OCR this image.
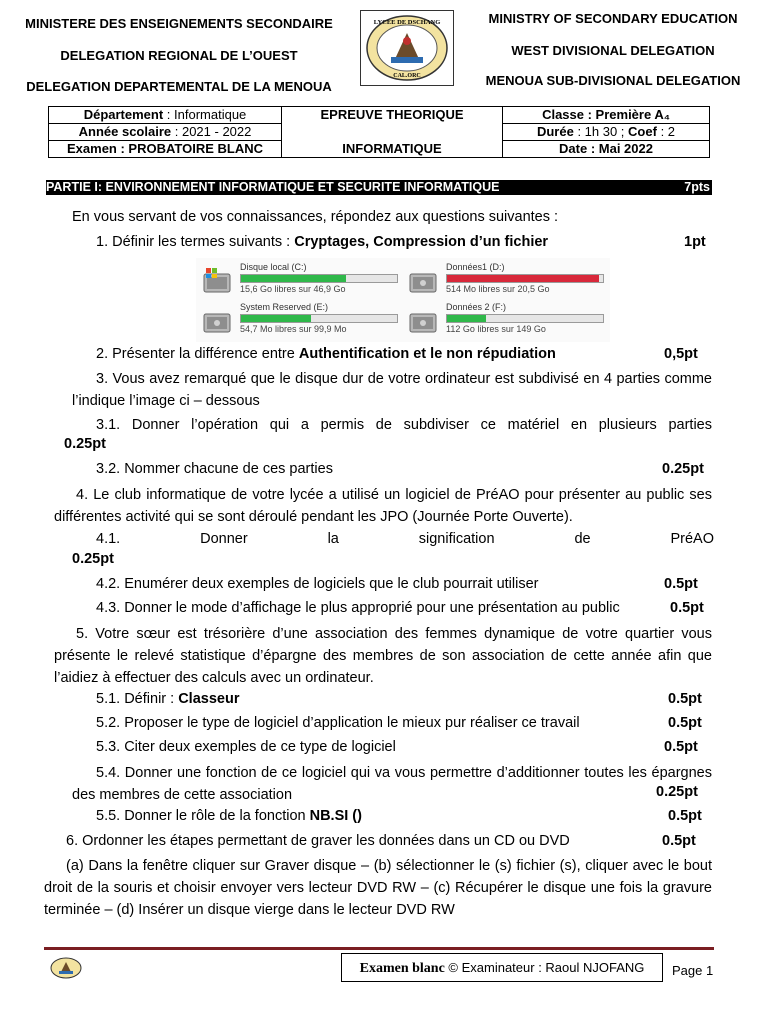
MINISTERE DES ENSEIGNEMENTS SECONDAIRE
DELEGATION REGIONAL DE L’OUEST
DELEGATION DEPARTEMENTAL DE LA MENOUA
LYCEE DE DSCHANG
CAL.ORC
MINISTRY OF SECONDARY EDUCATION
WEST DIVISIONAL DELEGATION
MENOUA SUB-DIVISIONAL DELEGATION
Département : Informatique	EPREUVE THEORIQUE	Classe : Première A₄
Année scolaire : 2021 - 2022		Durée : 1h 30 ; Coef : 2
Examen : PROBATOIRE BLANC	INFORMATIQUE	Date : Mai 2022
PARTIE I: ENVIRONNEMENT INFORMATIQUE ET SECURITE INFORMATIQUE	7pts
En vous servant de vos connaissances, répondez aux questions suivantes :
1. Définir les termes suivants : Cryptages, Compression d’un fichier	1pt
Disque local (C:)
15,6 Go libres sur 46,9 Go
Données1 (D:)
514 Mo libres sur 20,5 Go
System Reserved (E:)
54,7 Mo libres sur 99,9 Mo
Données 2 (F:)
112 Go libres sur 149 Go
2. Présenter la différence entre Authentification et le non répudiation	0,5pt
3. Vous avez remarqué que le disque dur de votre ordinateur est subdivisé en 4 parties comme l’indique l’image ci – dessous
3.1. Donner l’opération qui a permis de subdiviser ce matériel en plusieurs parties
0.25pt
3.2. Nommer chacune de ces parties	0.25pt
4. Le club informatique de votre lycée a utilisé un logiciel de PréAO pour présenter au public ses différentes activité qui se sont déroulé pendant les JPO (Journée Porte Ouverte).
4.1.	Donner	la	signification	de	PréAO
0.25pt
4.2. Enumérer deux exemples de logiciels que le club pourrait utiliser	0.5pt
4.3. Donner le mode d’affichage le plus approprié pour une présentation au public	0.5pt
5. Votre sœur est trésorière d’une association des femmes dynamique de votre quartier vous présente le relevé statistique d’épargne des membres de son association de cette année afin que l’aidiez à effectuer des calculs avec un ordinateur.
5.1. Définir : Classeur	0.5pt
5.2. Proposer le type de logiciel d’application le mieux pur réaliser ce travail	0.5pt
5.3. Citer deux exemples de ce type de logiciel	0.5pt
5.4. Donner une fonction de ce logiciel qui va vous permettre d’additionner toutes les épargnes des membres de cette association	0.25pt
5.5. Donner le rôle de la fonction NB.SI ()	0.5pt
6. Ordonner les étapes permettant de graver les données dans un CD ou DVD	0.5pt
(a) Dans la fenêtre cliquer sur Graver disque – (b) sélectionner le (s) fichier (s), cliquer avec le bout droit de la souris et choisir envoyer vers lecteur DVD RW – (c) Récupérer le disque une fois la gravure terminée – (d) Insérer un disque vierge dans le lecteur DVD RW
Examen blanc © Examinateur : Raoul NJOFANG	Page 1
